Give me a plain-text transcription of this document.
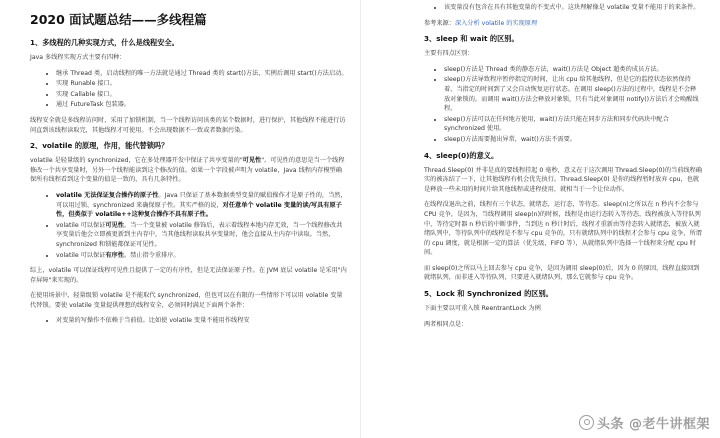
2020 面试题总结——多线程篇
1、多线程的几种实现方式，什么是线程安全。

Java 多线程实现方式主要有四种：

• 继承 Thread 类，启动线程的唯一方法就是通过 Thread 类的 start()方法，实例后调用 start()方法启动。
• 实现 Runable 接口。
• 实现 Callable 接口。
• 通过 FutureTask 包装器。

线程安全就是多线程访问时，采用了加锁机制，当一个线程访问该类的某个数据时，进行保护，其他线程不能进行访问直到该线程读取完，其他线程才可使用。不会出现数据不一致或者数据污染。

2、volatile 的原理，作用，能代替锁吗？

volatile 是轻量级的 synchronized，它在多处理器开发中保证了共享变量的"可见性"。可见性的意思是当一个线程修改一个共享变量时，另外一个线程能读到这个修改的值。如果一个字段被声明为 volatile，Java 线程内存模型确保所有线程看到这个变量的值是一致的，具有几条特性。

• volatile 无法保证复合操作的原子性。Java 只保证了基本数据类型变量的赋值操作才是原子性的，当然，可以用过锁、synchronized 来确保原子性。其实严格的说，对任意单个 volatile 变量的读/写具有原子性，但类似于 volatile++这种复合操作不具有原子性。
• volatile 可以保证可见性。当一个变量被 volatile 修饰后，表示着线程本地内存无效，当一个线程修改共享变量后他会立即被更新到主内存中，当其他线程读取共享变量时，他会直接从主内存中读取。当然，synchronized 和锁能都保证可见性。
• volatile 可以保证有序性。禁止指令重排序。

综上，volatile 可以保证线程可见性且提供了一定的有序性，但是无法保证原子性。在 JVM 底层 volatile 是采用"内存屏障"来实现的。

在使用场景中，轻量级锁 volatile 是不能取代 synchronized，但也可以在有限的一些情形下可以用 volatile 变量代替锁。要使 volatile 变量提供理想的线程安全，必须同时满足下面两个条件：

• 对变量的写操作不依赖于当前值。比如使 volatile 变量不能用作线程安
• 该变量没有包含在具有其他变量的不变式中。这块理解像是 volatile 变量不能用于的来条件。

参考来源：深入分析 volatile 的实现原理

3、sleep 和 wait 的区别。

主要有四点区别：

• sleep()方法是 Thread 类的静态方法，wait()方法是 Object 超类的成员方法。
• sleep()方法导致程序暂停指定的时间，让出 cpu 给其他线程，但是它的监控状态依然保持着，当指定的时间到了又会自动恢复运行状态。在调用 sleep()方法的过程中，线程是不会释放对象锁的。而调用 wait()方法会释放对象锁，只有当此对象调用 notify()方法后才会唤醒线程。
• sleep()方法可以在任何地方使用，wait()方法只能在同步方法和同步代码块中配合 synchronized 使用。
• sleep()方法需要抛出异常，wait()方法不需要。
4、sleep(0)的意义。

Thread.Sleep(0) 并非是真的要线程挂起 0 毫秒，意义在于这次调用 Thread.Sleep(0)的当前线程确实的被冻结了一下，让其他线程有机会优先执行。Thread.Sleep(0) 是你的线程暂时放弃 cpu，也就是释放一些未用的时间片给其他线程或进程使用，就相当于一个让位动作。

在线程没退出之前，线程有三个状态，就绪态，运行态，等待态。sleep(n)之所以在 n 秒内不会参与 CPU 竞争，是因为，当线程调用 sleep(n)的时候，线程是由运行态转入等待态，线程被放入等待队列中，等待定时器 n 秒后的中断事件，当到达 n 秒计时后，线程才重新由等待态转入就绪态，被放入就绪队列中，等待队列中的线程是不参与 cpu 竞争的，只有就绪队列中的线程才会参与 cpu 竞争，所谓的 cpu 调度，就是根据一定的算法（优先级，FIFO 等），从就绪队列中选择一个线程来分配 cpu 时间。

而 sleep(0)之所以马上回去参与 cpu 竞争，是因为调用 sleep(0)后，因为 0 的原因，线程直接回到就绪队列，而非进入等待队列，只要进入就绪队列，那么它就参与 cpu 竞争。

5、Lock 和 Synchronized 的区别。

下面主要以可重入锁 ReentrantLock 为例

两者相同点是：

头条 @老牛讲框架
